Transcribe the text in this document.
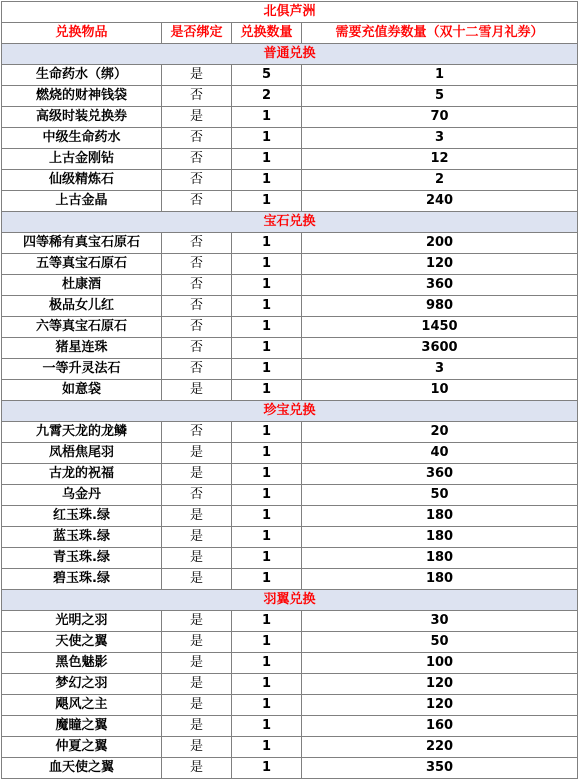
北俱芦洲			
兑换物品	是否绑定	兑换数量	需要充值券数量（双十二雪月礼券）
普通兑换			
生命药水（绑）	是	5	1
燃烧的财神钱袋	否	2	5
高级时装兑换券	是	1	70
中级生命药水	否	1	3
上古金刚钻	否	1	12
仙级精炼石	否	1	2
上古金晶	否	1	240
宝石兑换			
四等稀有真宝石原石	否	1	200
五等真宝石原石	否	1	120
杜康酒	否	1	360
极品女儿红	否	1	980
六等真宝石原石	否	1	1450
猪星连珠	否	1	3600
一等升灵法石	否	1	3
如意袋	是	1	10
珍宝兑换			
九霄天龙的龙鳞	否	1	20
凤梧焦尾羽	是	1	40
古龙的祝福	是	1	360
乌金丹	否	1	50
红玉珠.绿	是	1	180
蓝玉珠.绿	是	1	180
青玉珠.绿	是	1	180
碧玉珠.绿	是	1	180
羽翼兑换			
光明之羽	是	1	30
天使之翼	是	1	50
黑色魅影	是	1	100
梦幻之羽	是	1	120
飓风之主	是	1	120
魔瞳之翼	是	1	160
仲夏之翼	是	1	220
血天使之翼	是	1	350
